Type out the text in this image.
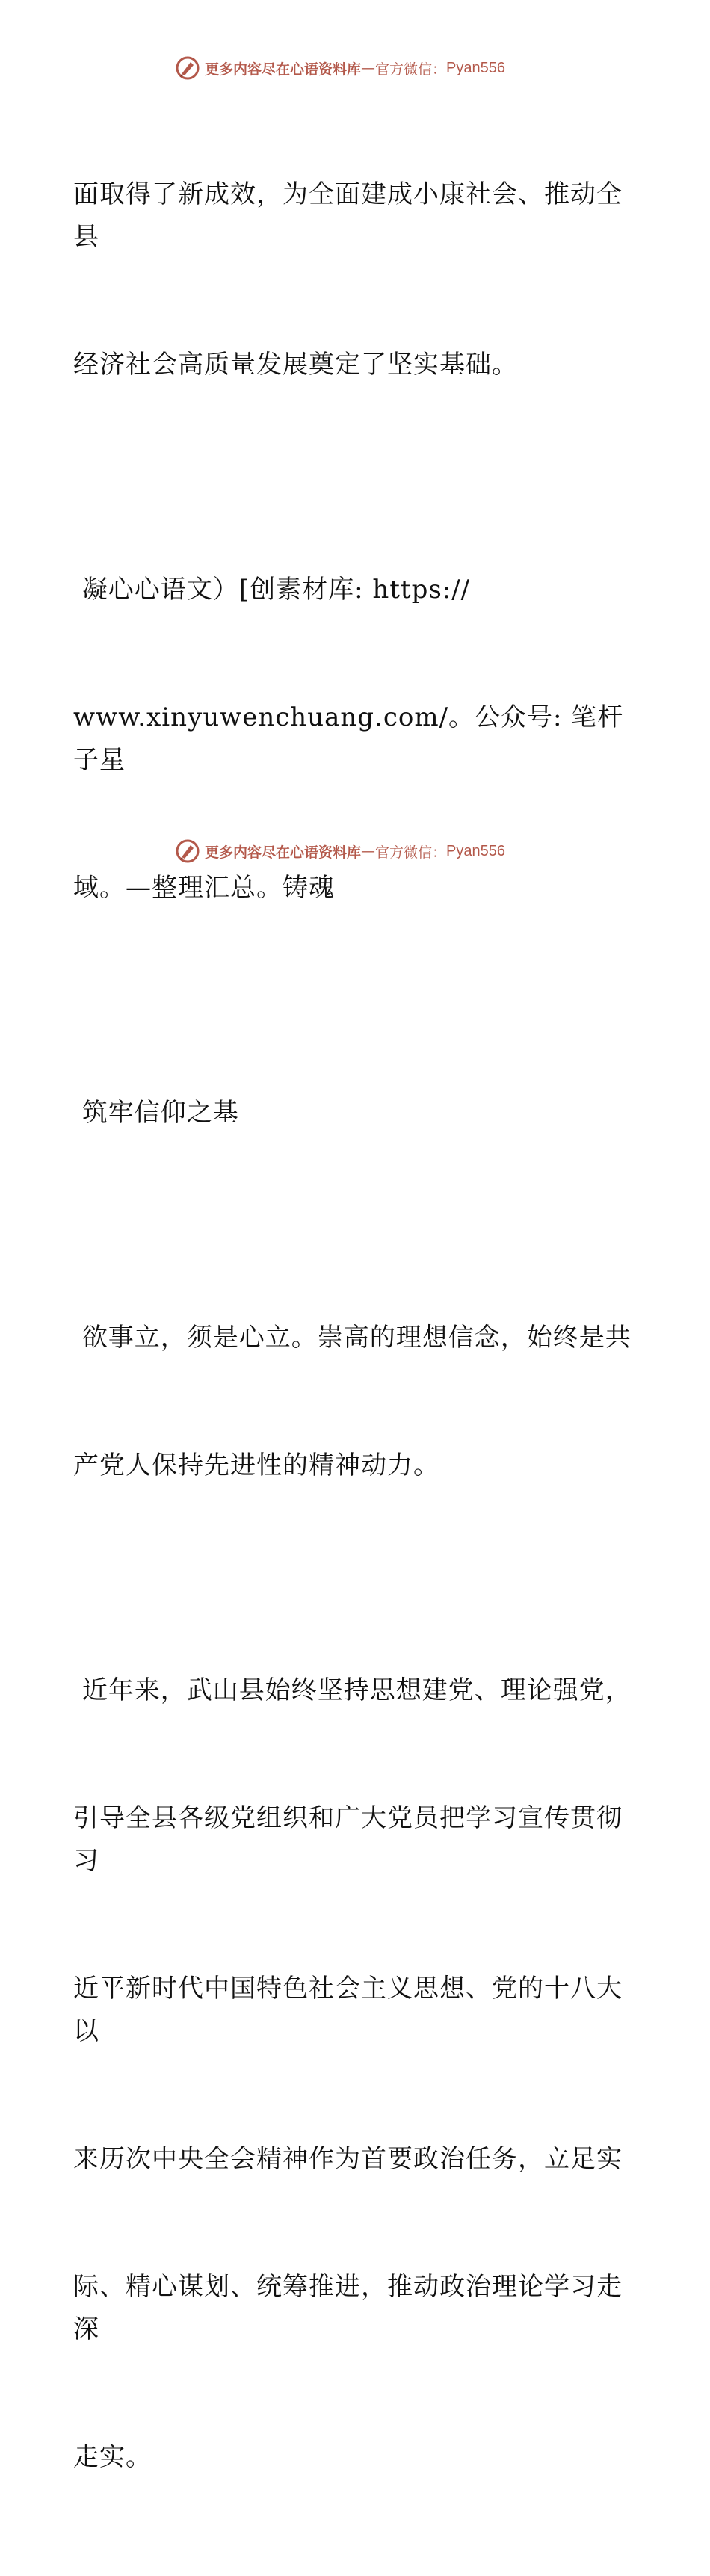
更多内容尽在心语资料库 — 官方微信： Pyan556

面取得了新成效，为全面建成小康社会、推动全县

经济社会高质量发展奠定了坚实基础。

凝心心语文）[创素材库: https://

www.xinyuwenchuang.com/。公众号: 笔杆子星

域。—整理汇总。铸魂

筑牢信仰之基

欲事立，须是心立。崇高的理想信念，始终是共

产党人保持先进性的精神动力。

近年来，武山县始终坚持思想建党、理论强党，

引导全县各级党组织和广大党员把学习宣传贯彻习

近平新时代中国特色社会主义思想、党的十八大以

来历次中央全会精神作为首要政治任务，立足实

际、精心谋划、统筹推进，推动政治理论学习走深

走实。

更多内容尽在心语资料库 — 官方微信： Pyan556
